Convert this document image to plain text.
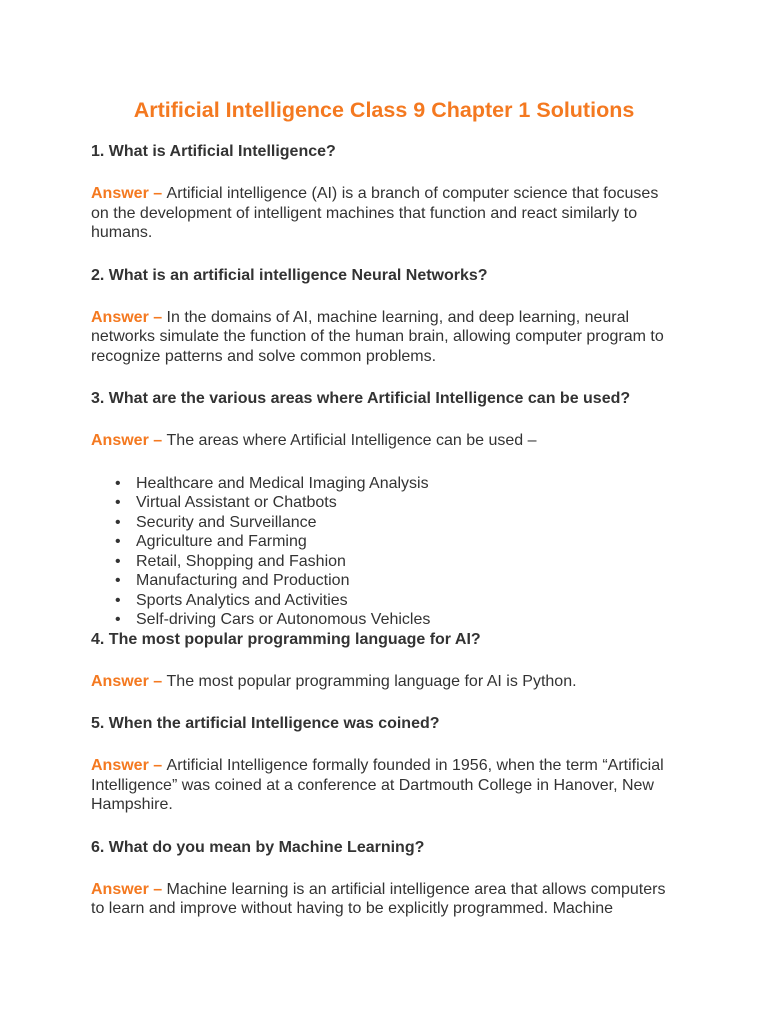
Artificial Intelligence Class 9 Chapter 1 Solutions
1. What is Artificial Intelligence?
Answer – Artificial intelligence (AI) is a branch of computer science that focuses
on the development of intelligent machines that function and react similarly to
humans.
2. What is an artificial intelligence Neural Networks?
Answer – In the domains of AI, machine learning, and deep learning, neural
networks simulate the function of the human brain, allowing computer program to
recognize patterns and solve common problems.
3. What are the various areas where Artificial Intelligence can be used?
Answer – The areas where Artificial Intelligence can be used –
• Healthcare and Medical Imaging Analysis
• Virtual Assistant or Chatbots
• Security and Surveillance
• Agriculture and Farming
• Retail, Shopping and Fashion
• Manufacturing and Production
• Sports Analytics and Activities
• Self-driving Cars or Autonomous Vehicles
4. The most popular programming language for AI?
Answer – The most popular programming language for AI is Python.
5. When the artificial Intelligence was coined?
Answer – Artificial Intelligence formally founded in 1956, when the term “Artificial
Intelligence” was coined at a conference at Dartmouth College in Hanover, New
Hampshire.
6. What do you mean by Machine Learning?
Answer – Machine learning is an artificial intelligence area that allows computers
to learn and improve without having to be explicitly programmed. Machine
